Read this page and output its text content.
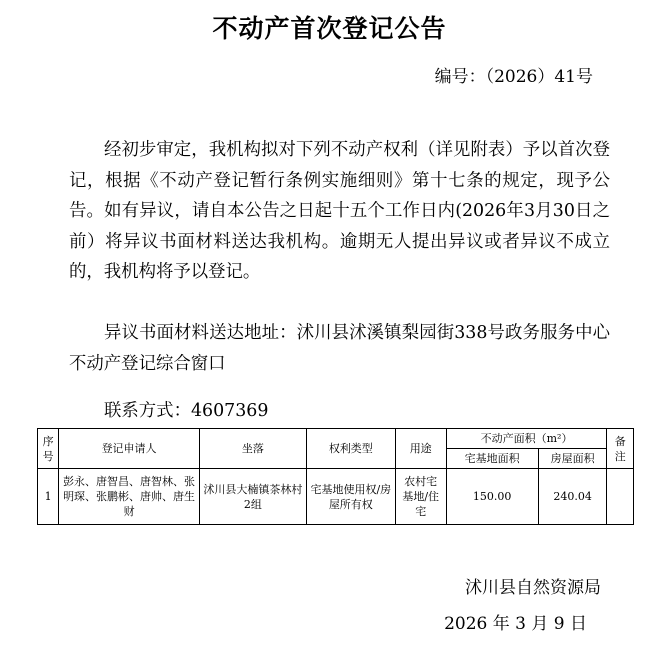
不动产首次登记公告
编号：（2026）41号
经初步审定，我机构拟对下列不动产权利（详见附表）予以首次登记，根据《不动产登记暂行条例实施细则》第十七条的规定，现予公告。如有异议，请自本公告之日起十五个工作日内(2026年3月30日之前）将异议书面材料送达我机构。逾期无人提出异议或者异议不成立的，我机构将予以登记。
异议书面材料送达地址：沭川县沭溪镇梨园街338号政务服务中心不动产登记综合窗口
联系方式：4607369
序号	登记申请人	坐落	权利类型	用途	不动产面积（m²）		备注
					宅基地面积	房屋面积	
1	彭永、唐智昌、唐智林、张明琛、张鹏彬、唐帅、唐生财	沭川县大楠镇茶林村2组	宅基地使用权/房屋所有权	农村宅基地/住宅	150.00	240.04	
沭川县自然资源局
2026 年 3 月 9 日
